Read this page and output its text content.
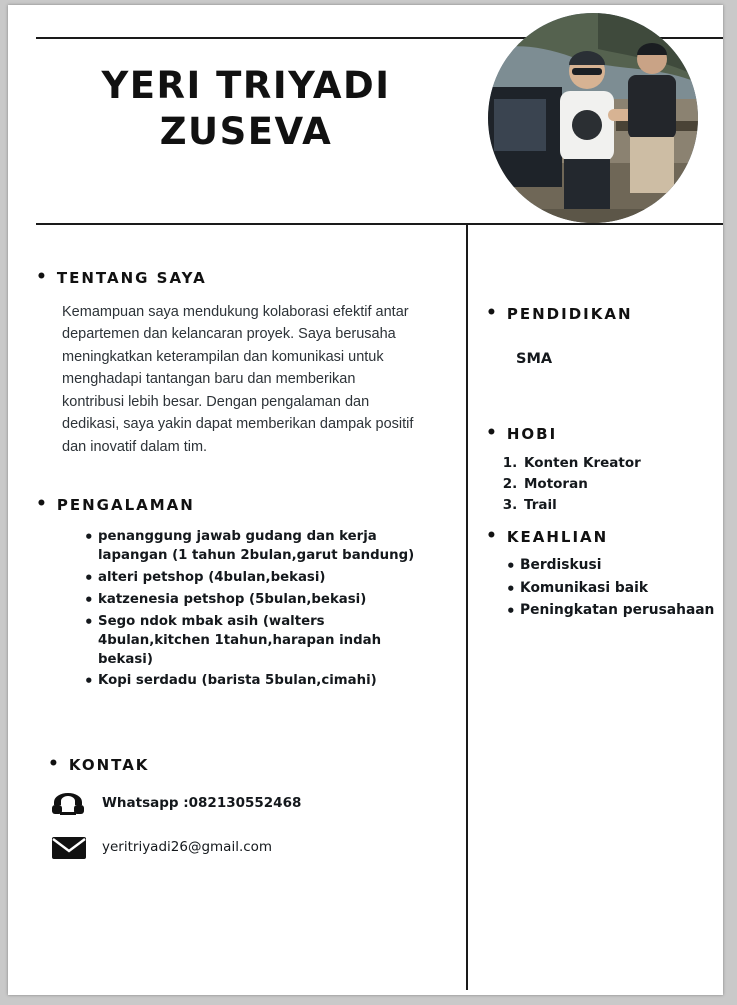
YERI TRIYADI
ZUSEVA
• TENTANG SAYA
Kemampuan saya mendukung kolaborasi efektif antar departemen dan kelancaran proyek. Saya berusaha meningkatkan keterampilan dan komunikasi untuk menghadapi tantangan baru dan memberikan kontribusi lebih besar. Dengan pengalaman dan dedikasi, saya yakin dapat memberikan dampak positif dan inovatif dalam tim.
• PENGALAMAN
• penanggung jawab gudang dan kerja lapangan (1 tahun 2bulan,garut bandung)
• alteri petshop (4bulan,bekasi)
• katzenesia petshop (5bulan,bekasi)
• Sego ndok mbak asih (walters 4bulan,kitchen 1tahun,harapan indah bekasi)
• Kopi serdadu (barista 5bulan,cimahi)
• KONTAK
Whatsapp :082130552468
yeritriyadi26@gmail.com
• PENDIDIKAN
SMA
• HOBI
1. Konten Kreator
2. Motoran
3. Trail
• KEAHLIAN
• Berdiskusi
• Komunikasi baik
• Peningkatan perusahaan
